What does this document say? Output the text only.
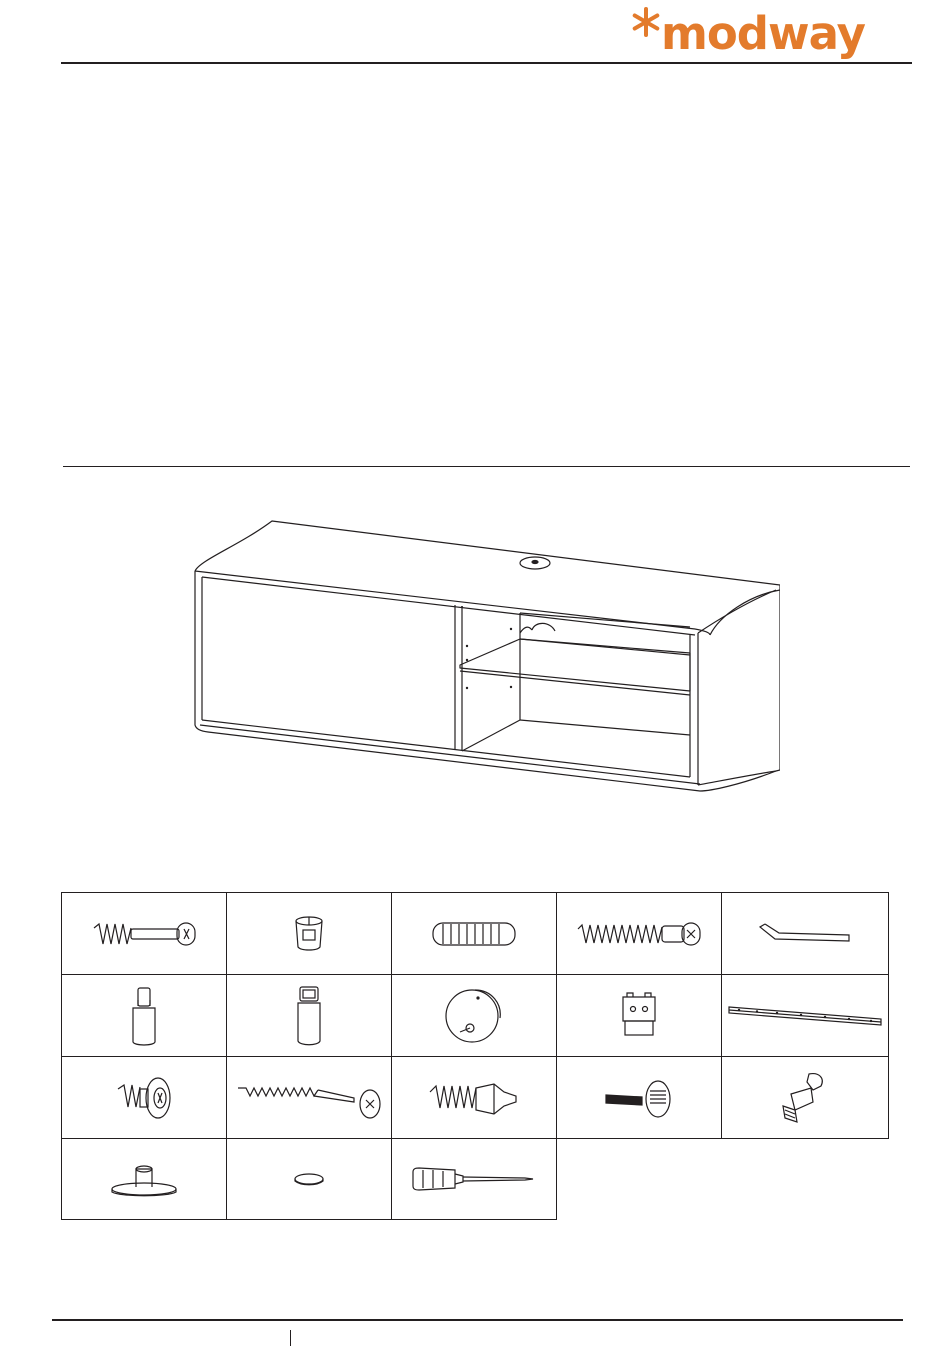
modway
